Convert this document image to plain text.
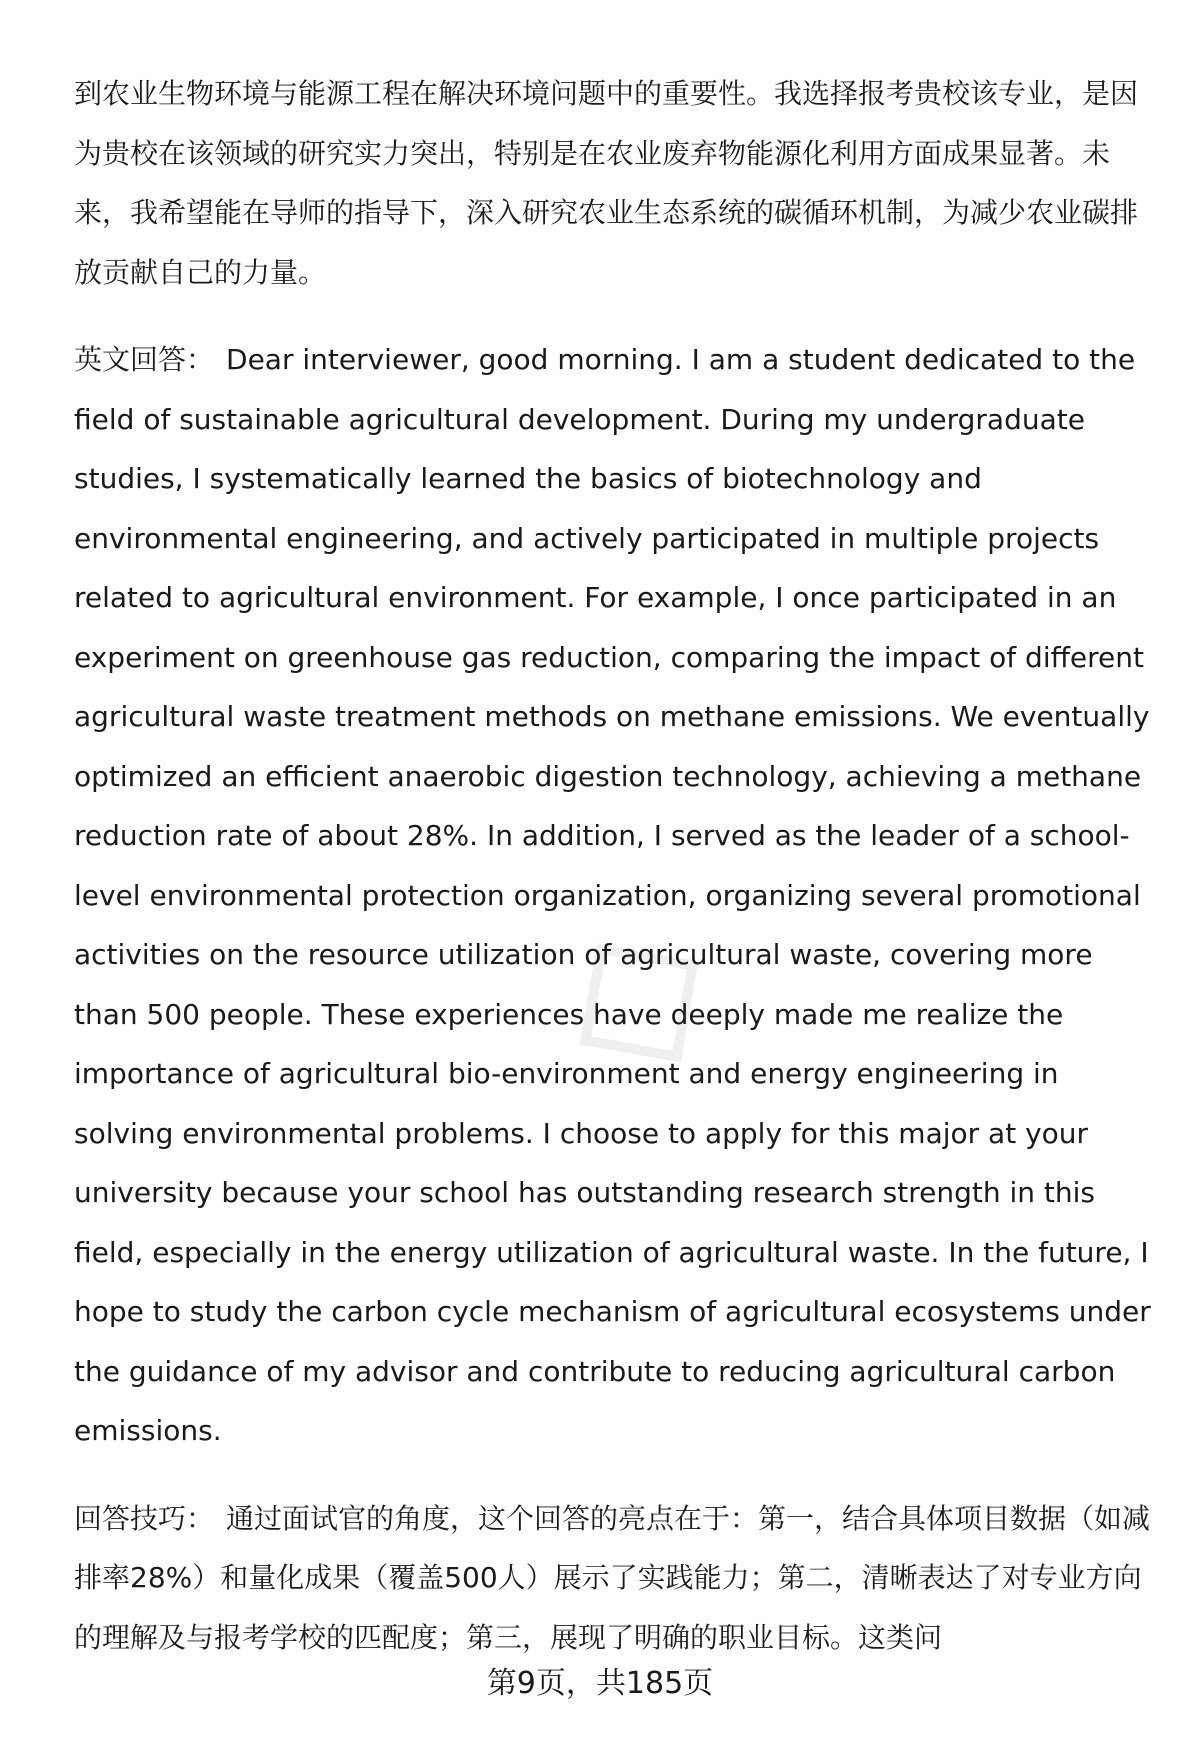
◇

到农业生物环境与能源工程在解决环境问题中的重要性。我选择报考贵校该专业，是因为贵校在该领域的研究实力突出，特别是在农业废弃物能源化利用方面成果显著。未来，我希望能在导师的指导下，深入研究农业生态系统的碳循环机制，为减少农业碳排放贡献自己的力量。

英文回答： Dear interviewer, good morning. I am a student dedicated to the field of sustainable agricultural development. During my undergraduate studies, I systematically learned the basics of biotechnology and environmental engineering, and actively participated in multiple projects related to agricultural environment. For example, I once participated in an experiment on greenhouse gas reduction, comparing the impact of different agricultural waste treatment methods on methane emissions. We eventually optimized an efficient anaerobic digestion technology, achieving a methane reduction rate of about 28%. In addition, I served as the leader of a school-level environmental protection organization, organizing several promotional activities on the resource utilization of agricultural waste, covering more than 500 people. These experiences have deeply made me realize the importance of agricultural bio-environment and energy engineering in solving environmental problems. I choose to apply for this major at your university because your school has outstanding research strength in this field, especially in the energy utilization of agricultural waste. In the future, I hope to study the carbon cycle mechanism of agricultural ecosystems under the guidance of my advisor and contribute to reducing agricultural carbon emissions.

回答技巧： 通过面试官的角度，这个回答的亮点在于：第一，结合具体项目数据（如减排率28%）和量化成果（覆盖500人）展示了实践能力；第二，清晰表达了对专业方向的理解及与报考学校的匹配度；第三，展现了明确的职业目标。这类问

第9页，共185页
